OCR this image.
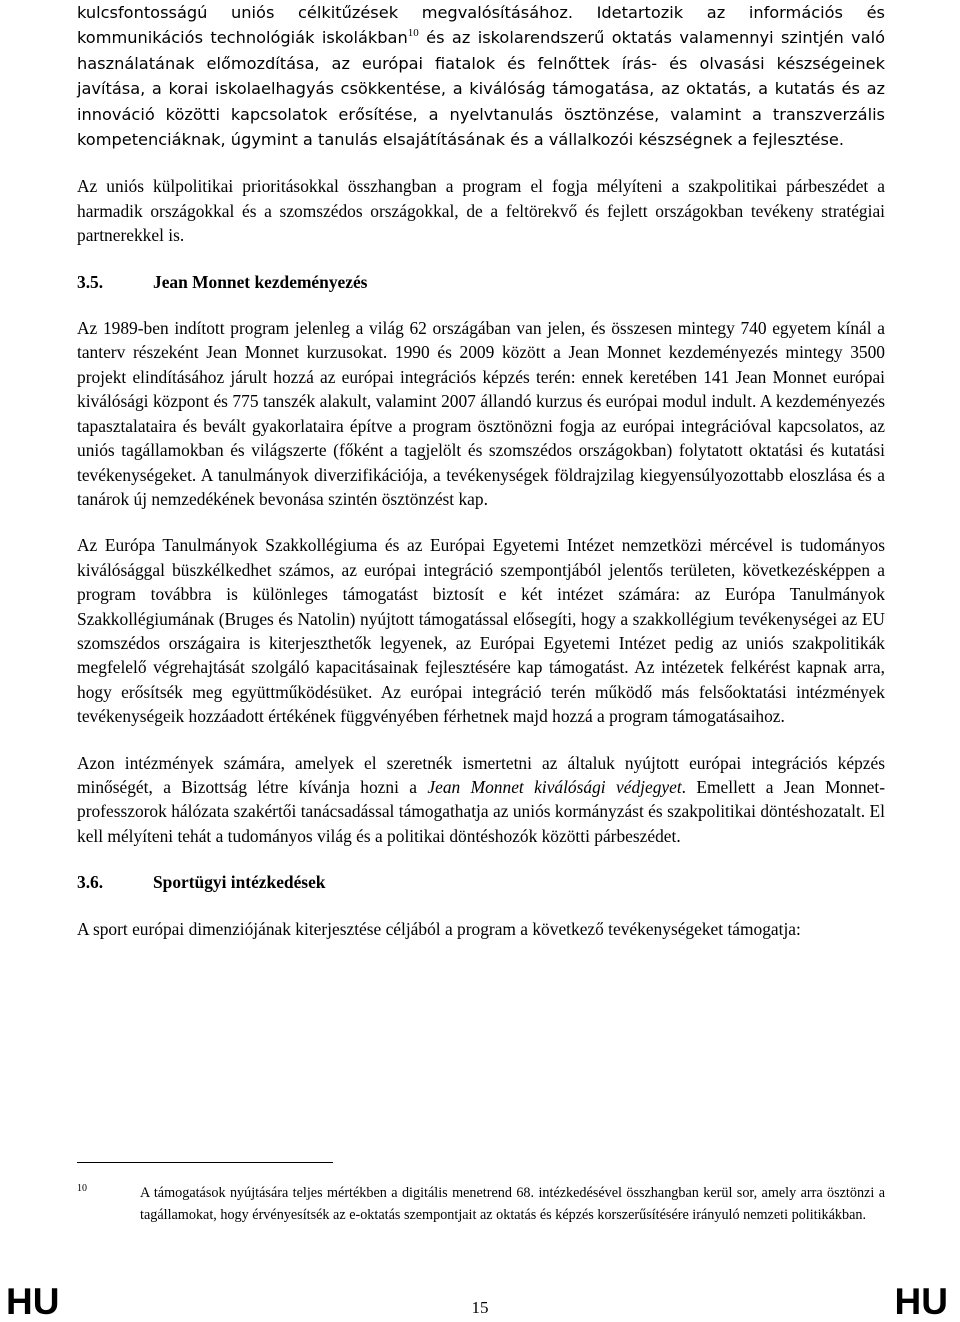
kulcsfontosságú uniós célkitűzések megvalósításához. Idetartozik az információs és kommunikációs technológiák iskolákban$^{10}$ és az iskolarendszerű oktatás valamennyi szintjén való használatának előmozdítása, az európai fiatalok és felnőttek írás- és olvasási készségeinek javítása, a korai iskolaelhagyás csökkentése, a kiválóság támogatása, az oktatás, a kutatás és az innováció közötti kapcsolatok erősítése, a nyelvtanulás ösztönzése, valamint a transzverzális kompetenciáknak, úgymint a tanulás elsajátításának és a vállalkozói készségnek a fejlesztése.

Az uniós külpolitikai prioritásokkal összhangban a program el fogja mélyíteni a szakpolitikai párbeszédet a harmadik országokkal és a szomszédos országokkal, de a feltörekvő és fejlett országokban tevékeny stratégiai partnerekkel is.

3.5.	Jean Monnet kezdeményezés

Az 1989-ben indított program jelenleg a világ 62 országában van jelen, és összesen mintegy 740 egyetem kínál a tanterv részeként Jean Monnet kurzusokat. 1990 és 2009 között a Jean Monnet kezdeményezés mintegy 3500 projekt elindításához járult hozzá az európai integrációs képzés terén: ennek keretében 141 Jean Monnet európai kiválósági központ és 775 tanszék alakult, valamint 2007 állandó kurzus és európai modul indult. A kezdeményezés tapasztalataira és bevált gyakorlataira építve a program ösztönözni fogja az európai integrációval kapcsolatos, az uniós tagállamokban és világszerte (főként a tagjelölt és szomszédos országokban) folytatott oktatási és kutatási tevékenységeket. A tanulmányok diverzifikációja, a tevékenységek földrajzilag kiegyensúlyozottabb eloszlása és a tanárok új nemzedékének bevonása szintén ösztönzést kap.

Az Európa Tanulmányok Szakkollégiuma és az Európai Egyetemi Intézet nemzetközi mércével is tudományos kiválósággal büszkélkedhet számos, az európai integráció szempontjából jelentős területen, következésképpen a program továbbra is különleges támogatást biztosít e két intézet számára: az Európa Tanulmányok Szakkollégiumának (Bruges és Natolin) nyújtott támogatással elősegíti, hogy a szakkollégium tevékenységei az EU szomszédos országaira is kiterjeszthetők legyenek, az Európai Egyetemi Intézet pedig az uniós szakpolitikák megfelelő végrehajtását szolgáló kapacitásainak fejlesztésére kap támogatást. Az intézetek felkérést kapnak arra, hogy erősítsék meg együttműködésüket. Az európai integráció terén működő más felsőoktatási intézmények tevékenységeik hozzáadott értékének függvényében férhetnek majd hozzá a program támogatásaihoz.

Azon intézmények számára, amelyek el szeretnék ismertetni az általuk nyújtott európai integrációs képzés minőségét, a Bizottság létre kívánja hozni a Jean Monnet kiválósági védjegyet. Emellett a Jean Monnet-professzorok hálózata szakértői tanácsadással támogathatja az uniós kormányzást és szakpolitikai döntéshozatalt. El kell mélyíteni tehát a tudományos világ és a politikai döntéshozók közötti párbeszédet.

3.6.	Sportügyi intézkedések

A sport európai dimenziójának kiterjesztése céljából a program a következő tevékenységeket támogatja:

10	A támogatások nyújtására teljes mértékben a digitális menetrend 68. intézkedésével összhangban kerül sor, amely arra ösztönzi a tagállamokat, hogy érvényesítsék az e-oktatás szempontjait az oktatás és képzés korszerűsítésére irányuló nemzeti politikákban.
HU	15	HU
